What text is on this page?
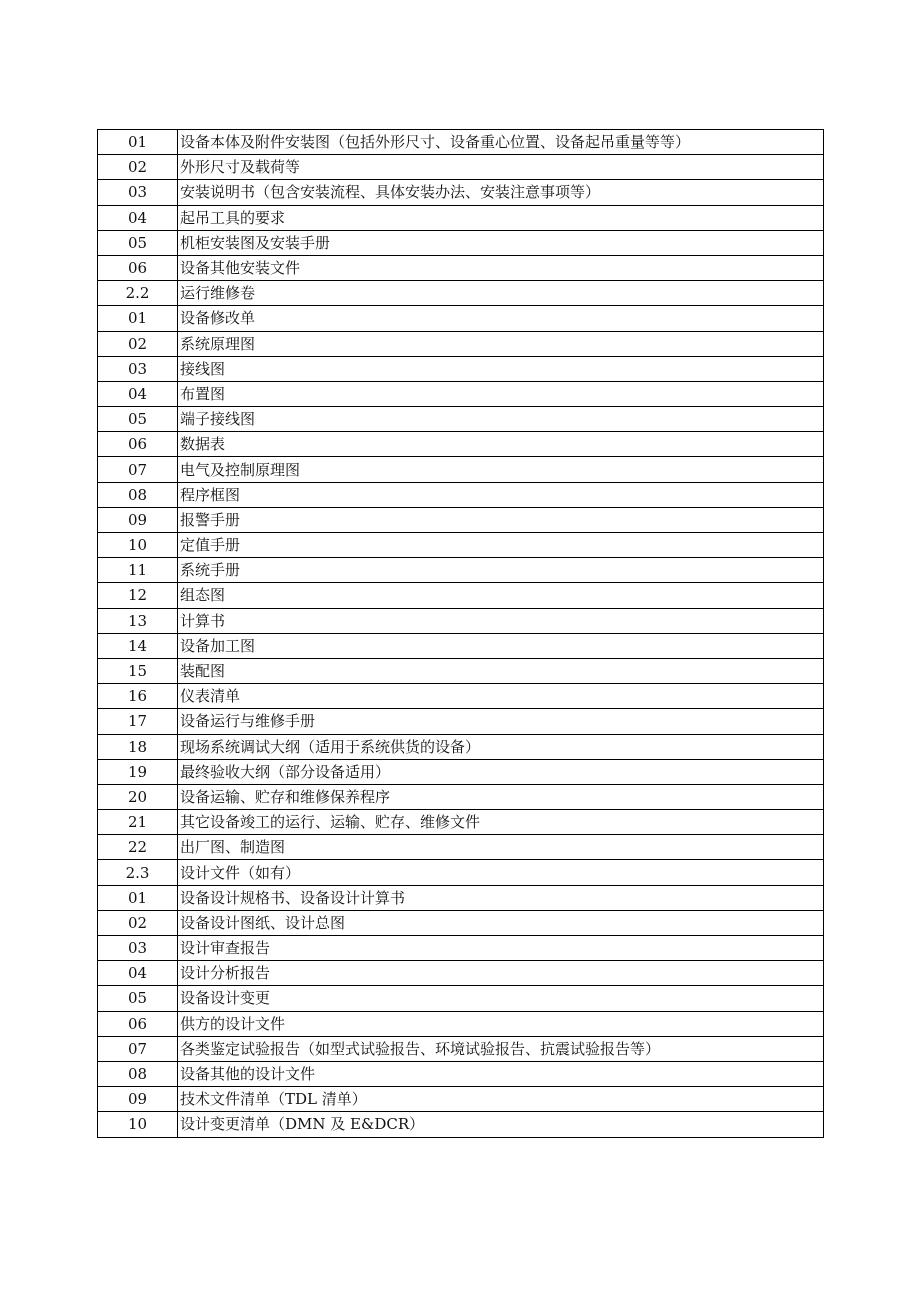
01	设备本体及附件安装图（包括外形尺寸、设备重心位置、设备起吊重量等等）
02	外形尺寸及载荷等
03	安装说明书（包含安装流程、具体安装办法、安装注意事项等）
04	起吊工具的要求
05	机柜安装图及安装手册
06	设备其他安装文件
2.2	运行维修卷
01	设备修改单
02	系统原理图
03	接线图
04	布置图
05	端子接线图
06	数据表
07	电气及控制原理图
08	程序框图
09	报警手册
10	定值手册
11	系统手册
12	组态图
13	计算书
14	设备加工图
15	装配图
16	仪表清单
17	设备运行与维修手册
18	现场系统调试大纲（适用于系统供货的设备）
19	最终验收大纲（部分设备适用）
20	设备运输、贮存和维修保养程序
21	其它设备竣工的运行、运输、贮存、维修文件
22	出厂图、制造图
2.3	设计文件（如有）
01	设备设计规格书、设备设计计算书
02	设备设计图纸、设计总图
03	设计审查报告
04	设计分析报告
05	设备设计变更
06	供方的设计文件
07	各类鉴定试验报告（如型式试验报告、环境试验报告、抗震试验报告等）
08	设备其他的设计文件
09	技术文件清单（TDL 清单）
10	设计变更清单（DMN 及 E&DCR）
